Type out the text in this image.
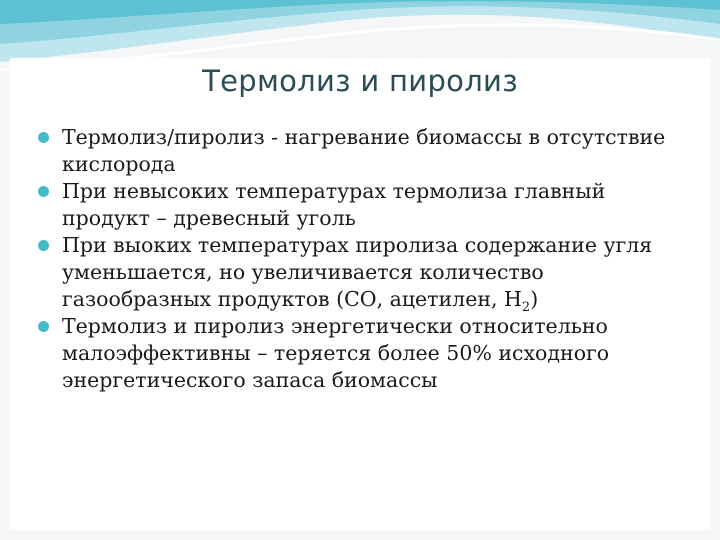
Термолиз и пиролиз
Термолиз/пиролиз - нагревание биомассы в отсутствие кислорода
При невысоких температурах термолиза главный продукт – древесный уголь
При выоких температурах пиролиза содержание угля уменьшается, но увеличивается количество газообразных продуктов (СО, ацетилен, $Н_2$)
Термолиз и пиролиз энергетически относительно малоэффективны – теряется более 50% исходного энергетического запаса биомассы
